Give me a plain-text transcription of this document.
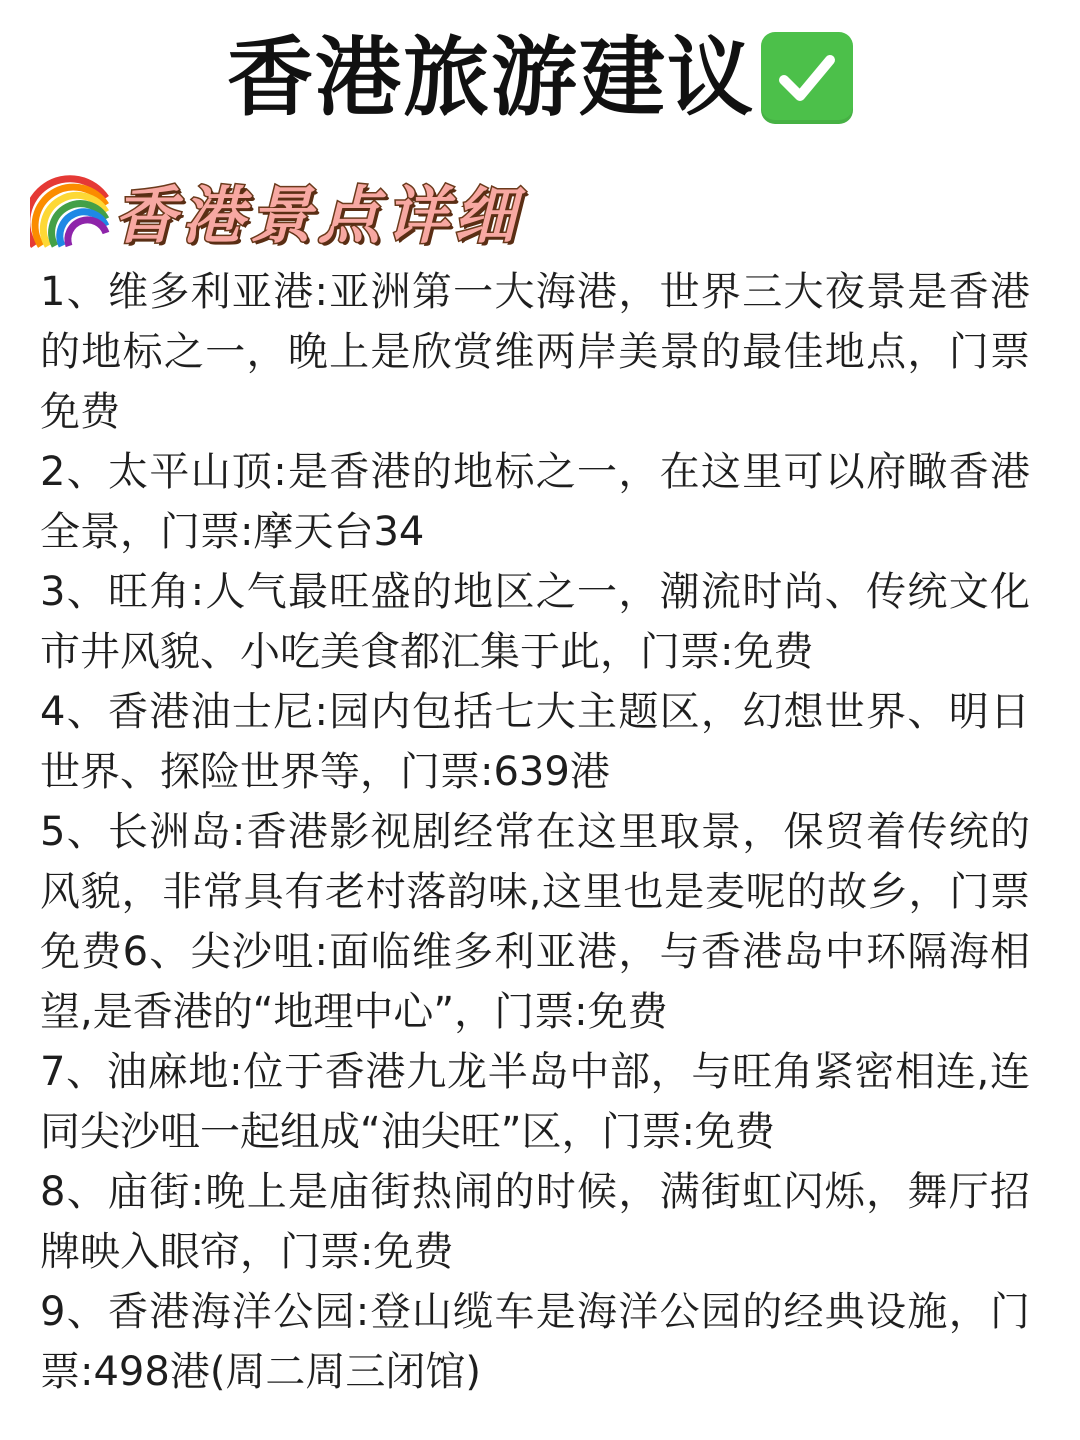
香港旅游建议
香港景点详细

1、维多利亚港:亚洲第一大海港，世界三大夜景是香港的地标之一，晚上是欣赏维两岸美景的最佳地点，门票免费

2、太平山顶:是香港的地标之一，在这里可以府瞰香港全景，门票:摩天台34

3、旺角:人气最旺盛的地区之一，潮流时尚、传统文化市井风貌、小吃美食都汇集于此，门票:免费

4、香港油士尼:园内包括七大主题区，幻想世界、明日世界、探险世界等，门票:639港

5、长洲岛:香港影视剧经常在这里取景，保贸着传统的风貌，非常具有老村落韵味,这里也是麦呢的故乡，门票免费6、尖沙咀:面临维多利亚港，与香港岛中环隔海相望,是香港的“地理中心”，门票:免费

7、油麻地:位于香港九龙半岛中部，与旺角紧密相连,连同尖沙咀一起组成“油尖旺”区，门票:免费

8、庙街:晚上是庙街热闹的时候，满街虹闪烁，舞厅招牌映入眼帘，门票:免费

9、香港海洋公园:登山缆车是海洋公园的经典设施，门票:498港(周二周三闭馆)
